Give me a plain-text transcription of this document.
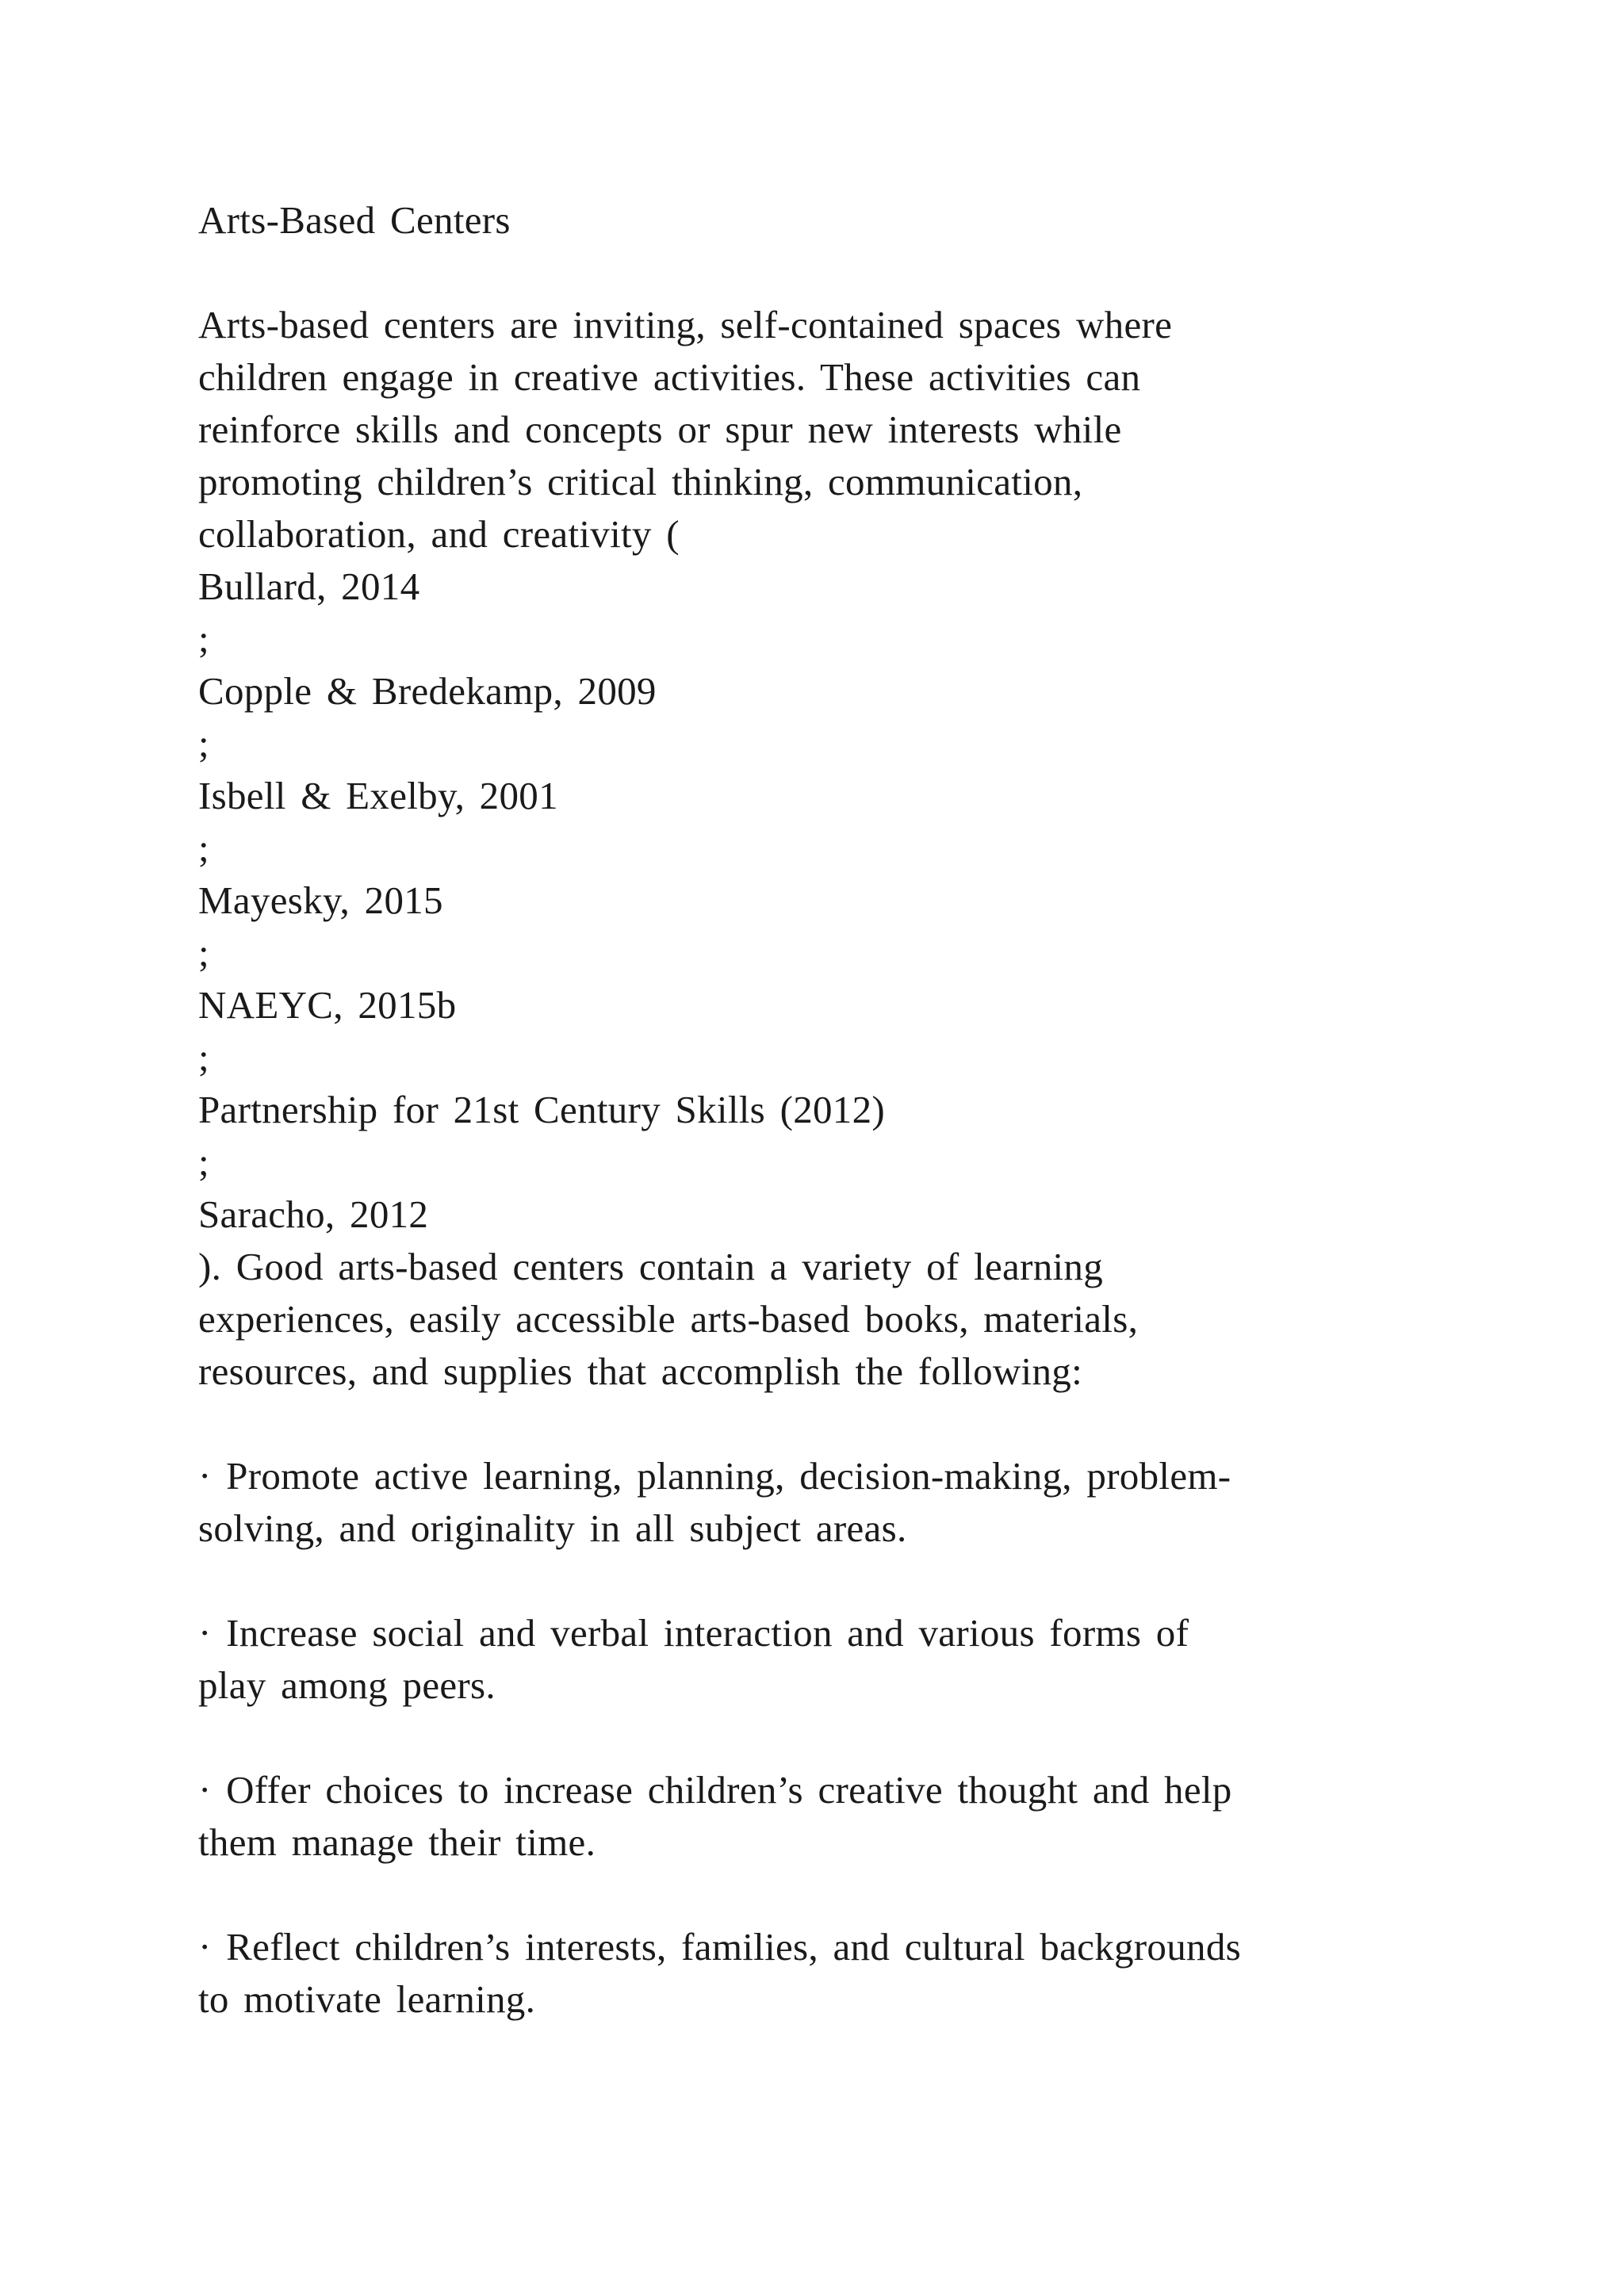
Arts-Based Centers
Arts-based centers are inviting, self-contained spaces where
children engage in creative activities. These activities can
reinforce skills and concepts or spur new interests while
promoting children’s critical thinking, communication,
collaboration, and creativity (
Bullard, 2014
;
Copple & Bredekamp, 2009
;
Isbell & Exelby, 2001
;
Mayesky, 2015
;
NAEYC, 2015b
;
Partnership for 21st Century Skills (2012)
;
Saracho, 2012
). Good arts-based centers contain a variety of learning
experiences, easily accessible arts-based books, materials,
resources, and supplies that accomplish the following:
· Promote active learning, planning, decision-making, problem-
solving, and originality in all subject areas.
· Increase social and verbal interaction and various forms of
play among peers.
· Offer choices to increase children’s creative thought and help
them manage their time.
· Reflect children’s interests, families, and cultural backgrounds
to motivate learning.
